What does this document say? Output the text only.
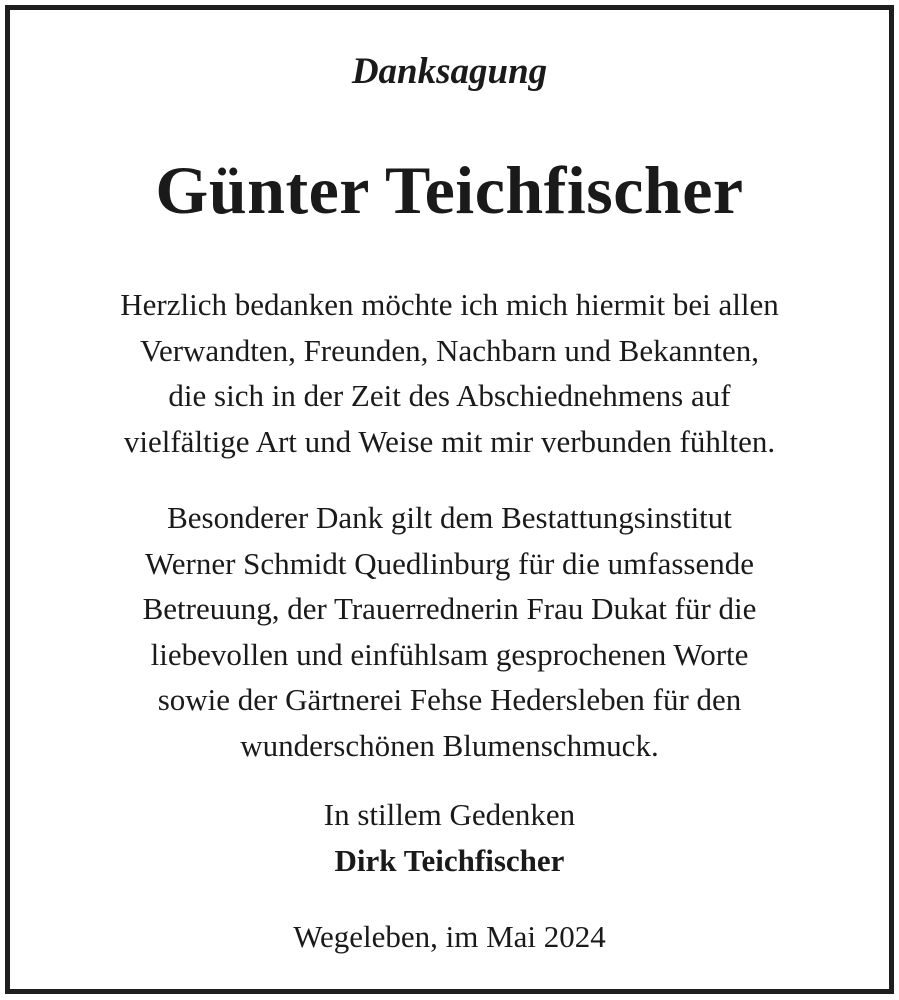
Danksagung
Günter Teichfischer
Herzlich bedanken möchte ich mich hiermit bei allen
Verwandten, Freunden, Nachbarn und Bekannten,
die sich in der Zeit des Abschiednehmens auf
vielfältige Art und Weise mit mir verbunden fühlten.
Besonderer Dank gilt dem Bestattungsinstitut
Werner Schmidt Quedlinburg für die umfassende
Betreuung, der Trauerrednerin Frau Dukat für die
liebevollen und einfühlsam gesprochenen Worte
sowie der Gärtnerei Fehse Hedersleben für den
wunderschönen Blumenschmuck.
In stillem Gedenken
Dirk Teichfischer
Wegeleben, im Mai 2024
